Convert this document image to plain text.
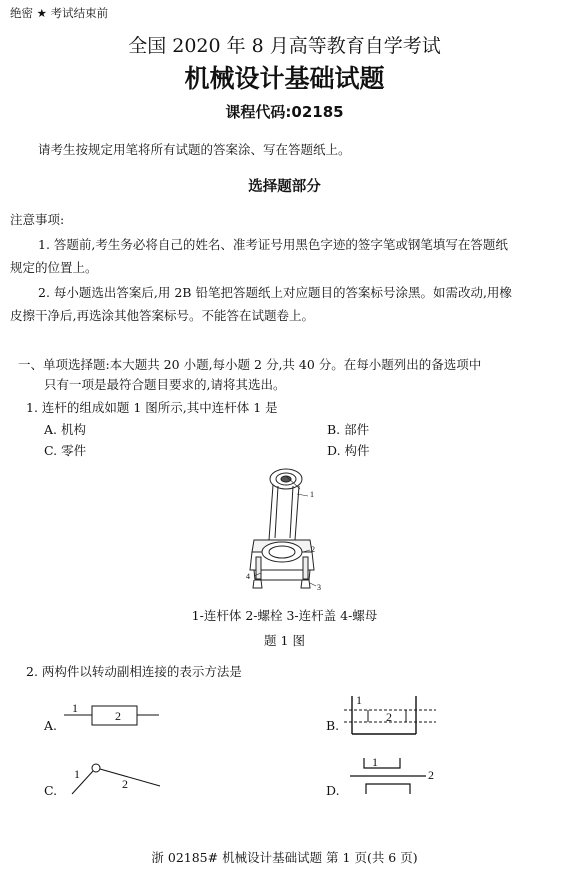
绝密 ★ 考试结束前
全国 2020 年 8 月高等教育自学考试
机械设计基础试题
课程代码:02185
请考生按规定用笔将所有试题的答案涂、写在答题纸上。
选择题部分
注意事项:
1. 答题前,考生务必将自己的姓名、准考证号用黑色字迹的签字笔或钢笔填写在答题纸
规定的位置上。
2. 每小题选出答案后,用 2B 铅笔把答题纸上对应题目的答案标号涂黑。如需改动,用橡
皮擦干净后,再选涂其他答案标号。不能答在试题卷上。
一、单项选择题:本大题共 20 小题,每小题 2 分,共 40 分。在每小题列出的备选项中
只有一项是最符合题目要求的,请将其选出。
1. 连杆的组成如题 1 图所示,其中连杆体 1 是
A. 机构	B. 部件
C. 零件	D. 构件
1
2
3
4
1-连杆体 2-螺栓 3-连杆盖 4-螺母
题 1 图
2. 两构件以转动副相连接的表示方法是
A.
1
2
B.
1
2
C.
1
2	D.
1
2
浙 02185# 机械设计基础试题 第 1 页(共 6 页)
